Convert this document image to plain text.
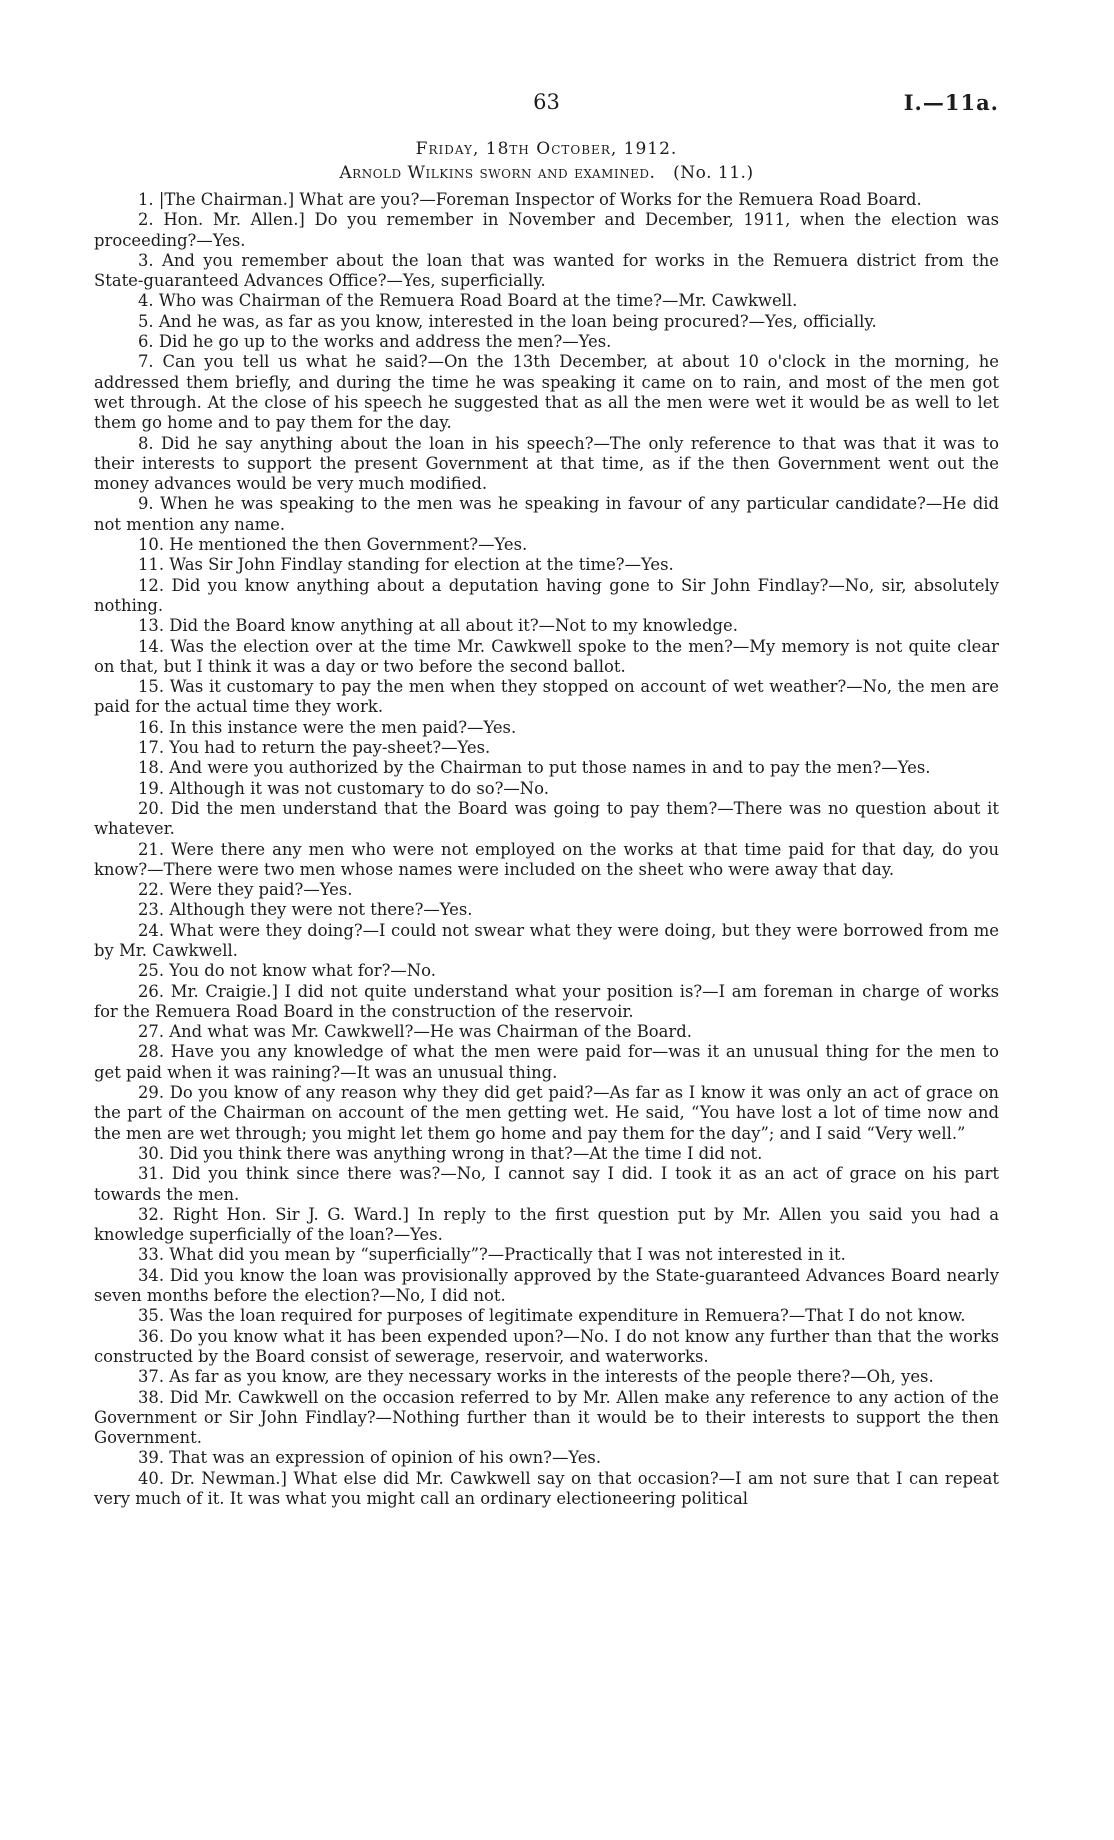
63	I.—11a.
Friday, 18th October, 1912.
Arnold Wilkins sworn and examined. (No. 11.)

1. |The Chairman.] What are you?—Foreman Inspector of Works for the Remuera Road Board.

2. Hon. Mr. Allen.] Do you remember in November and December, 1911, when the election was proceeding?—Yes.

3. And you remember about the loan that was wanted for works in the Remuera district from the State-guaranteed Advances Office?—Yes, superficially.

4. Who was Chairman of the Remuera Road Board at the time?—Mr. Cawkwell.

5. And he was, as far as you know, interested in the loan being procured?—Yes, officially.

6. Did he go up to the works and address the men?—Yes.

7. Can you tell us what he said?—On the 13th December, at about 10 o'clock in the morning, he addressed them briefly, and during the time he was speaking it came on to rain, and most of the men got wet through. At the close of his speech he suggested that as all the men were wet it would be as well to let them go home and to pay them for the day.

8. Did he say anything about the loan in his speech?—The only reference to that was that it was to their interests to support the present Government at that time, as if the then Government went out the money advances would be very much modified.

9. When he was speaking to the men was he speaking in favour of any particular candidate?—He did not mention any name.

10. He mentioned the then Government?—Yes.

11. Was Sir John Findlay standing for election at the time?—Yes.

12. Did you know anything about a deputation having gone to Sir John Findlay?—No, sir, absolutely nothing.

13. Did the Board know anything at all about it?—Not to my knowledge.

14. Was the election over at the time Mr. Cawkwell spoke to the men?—My memory is not quite clear on that, but I think it was a day or two before the second ballot.

15. Was it customary to pay the men when they stopped on account of wet weather?—No, the men are paid for the actual time they work.

16. In this instance were the men paid?—Yes.

17. You had to return the pay-sheet?—Yes.

18. And were you authorized by the Chairman to put those names in and to pay the men?—Yes.

19. Although it was not customary to do so?—No.

20. Did the men understand that the Board was going to pay them?—There was no question about it whatever.

21. Were there any men who were not employed on the works at that time paid for that day, do you know?—There were two men whose names were included on the sheet who were away that day.

22. Were they paid?—Yes.

23. Although they were not there?—Yes.

24. What were they doing?—I could not swear what they were doing, but they were borrowed from me by Mr. Cawkwell.

25. You do not know what for?—No.

26. Mr. Craigie.] I did not quite understand what your position is?—I am foreman in charge of works for the Remuera Road Board in the construction of the reservoir.

27. And what was Mr. Cawkwell?—He was Chairman of the Board.

28. Have you any knowledge of what the men were paid for—was it an unusual thing for the men to get paid when it was raining?—It was an unusual thing.

29. Do you know of any reason why they did get paid?—As far as I know it was only an act of grace on the part of the Chairman on account of the men getting wet. He said, “You have lost a lot of time now and the men are wet through; you might let them go home and pay them for the day”; and I said “Very well.”

30. Did you think there was anything wrong in that?—At the time I did not.

31. Did you think since there was?—No, I cannot say I did. I took it as an act of grace on his part towards the men.

32. Right Hon. Sir J. G. Ward.] In reply to the first question put by Mr. Allen you said you had a knowledge superficially of the loan?—Yes.

33. What did you mean by “superficially”?—Practically that I was not interested in it.

34. Did you know the loan was provisionally approved by the State-guaranteed Advances Board nearly seven months before the election?—No, I did not.

35. Was the loan required for purposes of legitimate expenditure in Remuera?—That I do not know.

36. Do you know what it has been expended upon?—No. I do not know any further than that the works constructed by the Board consist of sewerage, reservoir, and waterworks.

37. As far as you know, are they necessary works in the interests of the people there?—Oh, yes.

38. Did Mr. Cawkwell on the occasion referred to by Mr. Allen make any reference to any action of the Government or Sir John Findlay?—Nothing further than it would be to their interests to support the then Government.

39. That was an expression of opinion of his own?—Yes.

40. Dr. Newman.] What else did Mr. Cawkwell say on that occasion?—I am not sure that I can repeat very much of it. It was what you might call an ordinary electioneering political
